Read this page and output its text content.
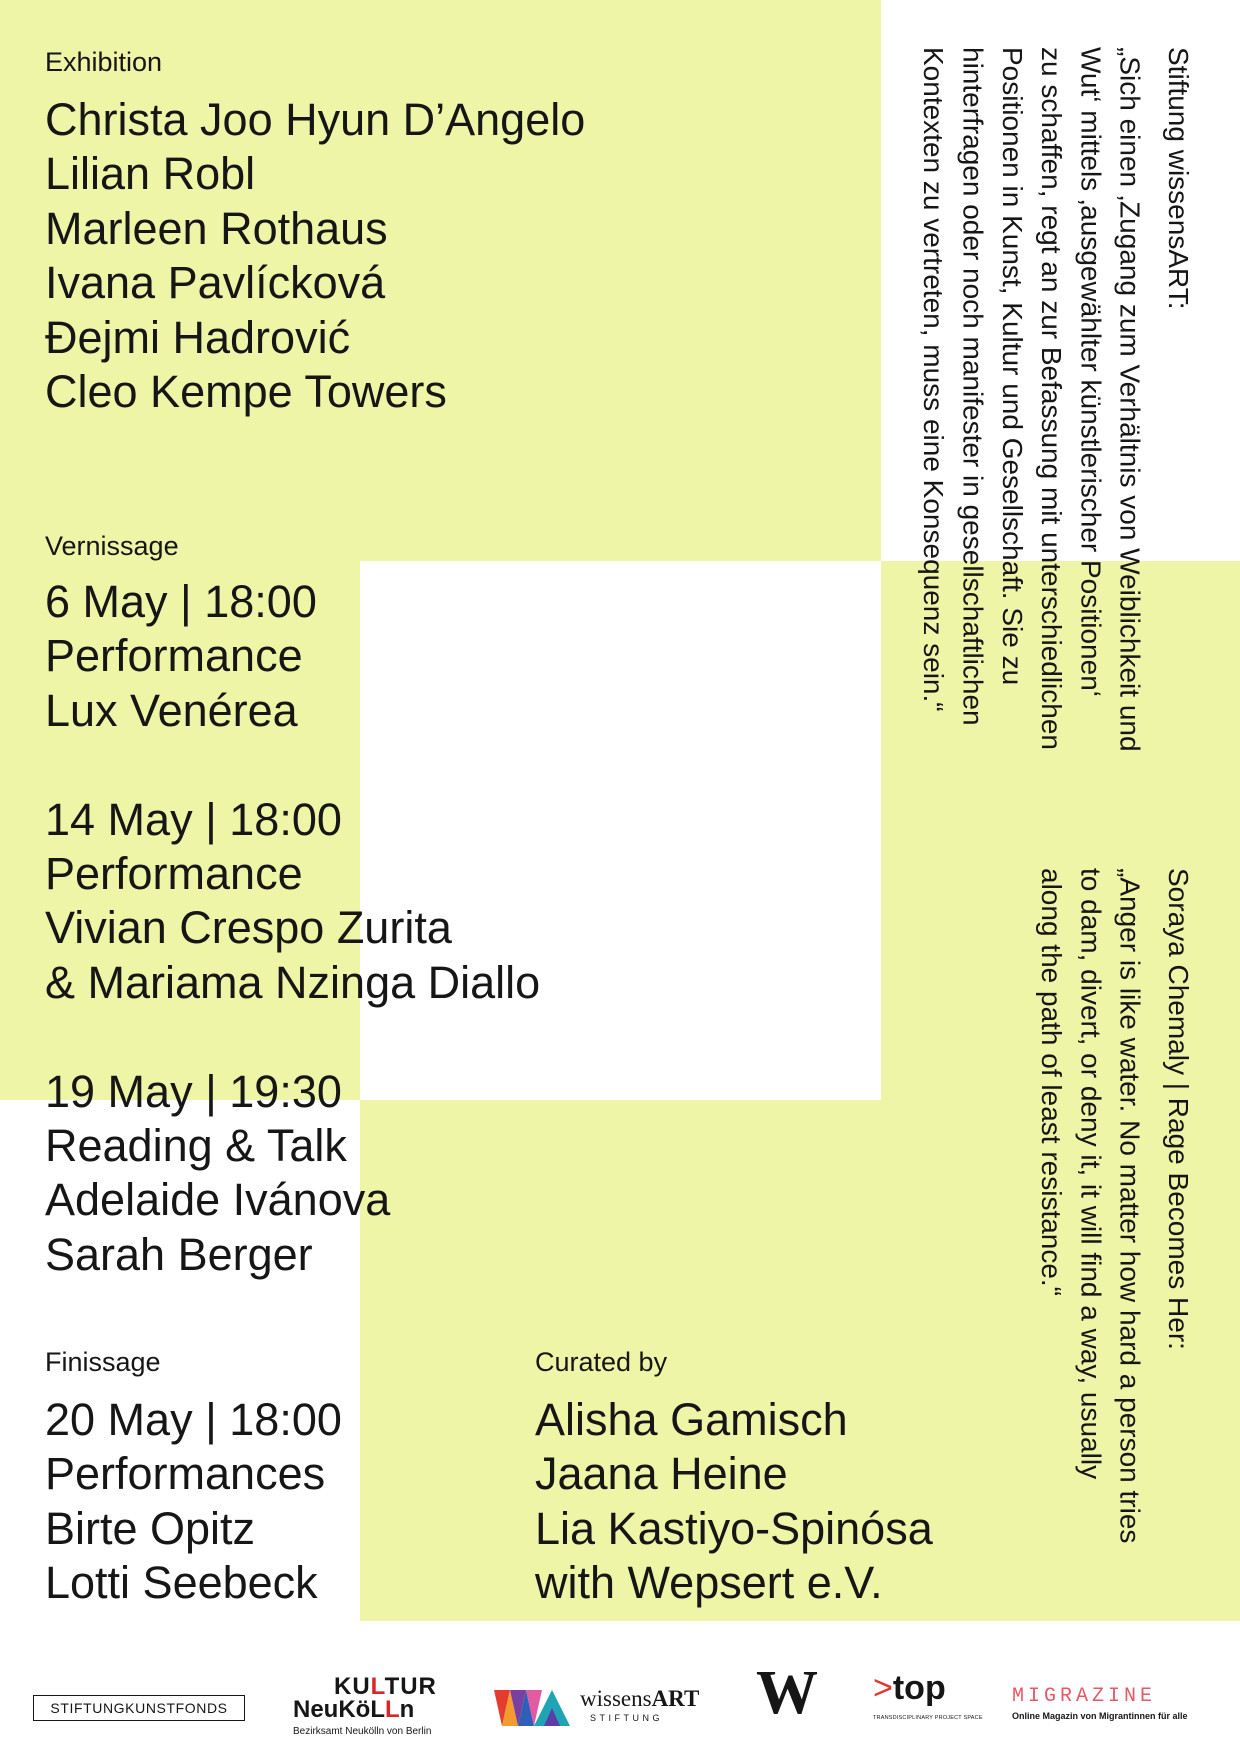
Exhibition
Christa Joo Hyun D’Angelo
Lilian Robl
Marleen Rothaus
Ivana Pavlícková
Đejmi Hadrović
Cleo Kempe Towers
Vernissage
6 May | 18:00
Performance
Lux Venérea
14 May | 18:00
Performance
Vivian Crespo Zurita
& Mariama Nzinga Diallo
19 May | 19:30
Reading & Talk
Adelaide Ivánova
Sarah Berger
Finissage
20 May | 18:00
Performances
Birte Opitz
Lotti Seebeck
Curated by
Alisha Gamisch
Jaana Heine
Lia Kastiyo-Spinósa
with Wepsert e.V.
Stiftung wissensART:
„Sich einen ‚Zugang zum Verhältnis von Weiblichkeit und
Wut‘ mittels ‚ausgewählter künstlerischer Positionen‘
zu schaffen, regt an zur Befassung mit unterschiedlichen
Positionen in Kunst, Kultur und Gesellschaft. Sie zu
hinterfragen oder noch manifester in gesellschaftlichen
Kontexten zu vertreten, muss eine Konsequenz sein.“
Soraya Chemaly | Rage Becomes Her:
„Anger is like water. No matter how hard a person tries
to dam, divert, or deny it, it will find a way, usually
along the path of least resistance.“
STIFTUNGKUNSTFONDS
KULTUR
NeuKöLLn
Bezirksamt Neukölln von Berlin
wissensART
STIFTUNG	W >top
TRANSDISCIPLINARY PROJECT SPACE
MIGRAZINE
Online Magazin von Migrantinnen für alle
